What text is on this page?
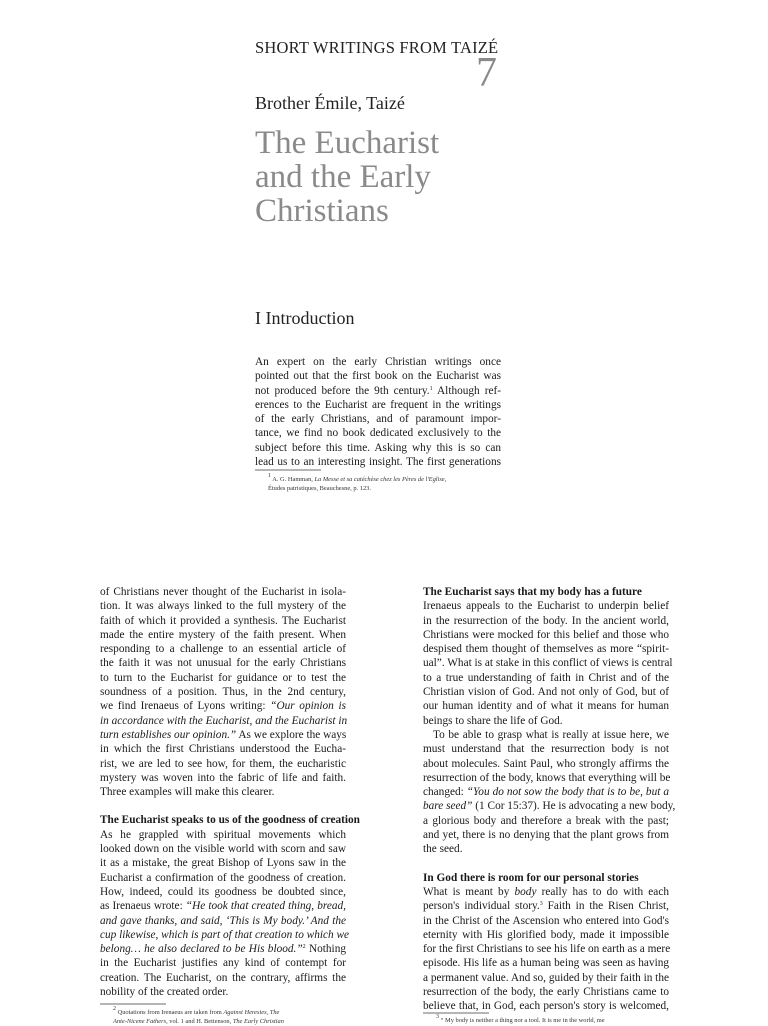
SHORT WRITINGS FROM TAIZÉ
7
Brother Émile, Taizé
The Eucharist
and the Early
Christians
I Introduction
An expert on the early Christian writings once
pointed out that the first book on the Eucharist was
not produced before the 9th century.$^1$ Although ref-
erences to the Eucharist are frequent in the writings
of the early Christians, and of paramount impor-
tance, we find no book dedicated exclusively to the
subject before this time. Asking why this is so can
lead us to an interesting insight. The first generations
$^1$ A. G. Hamman, La Messe et sa catéchèse chez les Pères de l'Eglise,
Études patristiques, Beauchesne, p. 123.
of Christians never thought of the Eucharist in isola-
tion. It was always linked to the full mystery of the
faith of which it provided a synthesis. The Eucharist
made the entire mystery of the faith present. When
responding to a challenge to an essential article of
the faith it was not unusual for the early Christians
to turn to the Eucharist for guidance or to test the
soundness of a position. Thus, in the 2nd century,
we find Irenaeus of Lyons writing: “Our opinion is
in accordance with the Eucharist, and the Eucharist in
turn establishes our opinion.” As we explore the ways
in which the first Christians understood the Eucha-
rist, we are led to see how, for them, the eucharistic
mystery was woven into the fabric of life and faith.
Three examples will make this clearer.
The Eucharist speaks to us of the goodness of creation
As he grappled with spiritual movements which
looked down on the visible world with scorn and saw
it as a mistake, the great Bishop of Lyons saw in the
Eucharist a confirmation of the goodness of creation.
How, indeed, could its goodness be doubted since,
as Irenaeus wrote: “He took that created thing, bread,
and gave thanks, and said, ‘This is My body.’ And the
cup likewise, which is part of that creation to which we
belong… he also declared to be His blood.”$^2$ Nothing
in the Eucharist justifies any kind of contempt for
creation. The Eucharist, on the contrary, affirms the
nobility of the created order.
$^2$ Quotations from Irenaeus are taken from Against Heresies, The
Ante-Nicene Fathers, vol. 1 and H. Bettenson, The Early Christian
The Eucharist says that my body has a future
Irenaeus appeals to the Eucharist to underpin belief
in the resurrection of the body. In the ancient world,
Christians were mocked for this belief and those who
despised them thought of themselves as more “spirit-
ual”. What is at stake in this conflict of views is central
to a true understanding of faith in Christ and of the
Christian vision of God. And not only of God, but of
our human identity and of what it means for human
beings to share the life of God.
To be able to grasp what is really at issue here, we
must understand that the resurrection body is not
about molecules. Saint Paul, who strongly affirms the
resurrection of the body, knows that everything will be
changed: “You do not sow the body that is to be, but a
bare seed” (1 Cor 15:37). He is advocating a new body,
a glorious body and therefore a break with the past;
and yet, there is no denying that the plant grows from
the seed.
In God there is room for our personal stories
What is meant by body really has to do with each
person's individual story.$^3$ Faith in the Risen Christ,
in the Christ of the Ascension who entered into God's
eternity with His glorified body, made it impossible
for the first Christians to see his life on earth as a mere
episode. His life as a human being was seen as having
a permanent value. And so, guided by their faith in the
resurrection of the body, the early Christians came to
believe that, in God, each person's story is welcomed,
$^3$ “ My body is neither a thing nor a tool. It is me in the world, me
